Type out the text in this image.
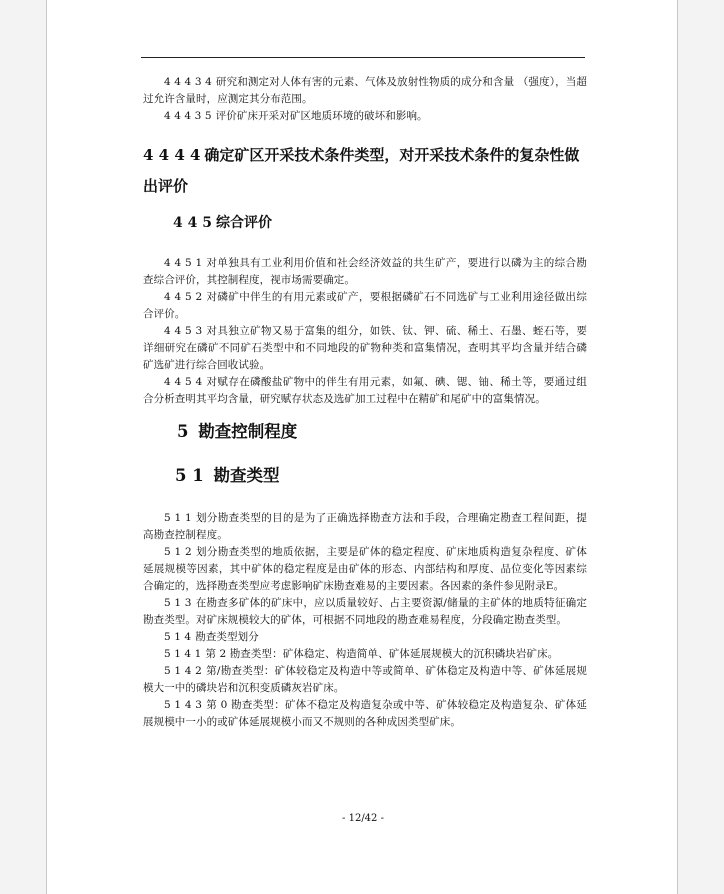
4 4 4 3 4 研究和测定对人体有害的元素、气体及放射性物质的成分和含量 （强度），当超过允许含量时，应测定其分布范围。

4 4 4 3 5 评价矿床开采对矿区地质环境的破坏和影响。

4 4 4 4 确定矿区开采技术条件类型，对开采技术条件的复杂性做出评价
4 4 5 综合评价

4 4 5 1 对单独具有工业利用价值和社会经济效益的共生矿产，要进行以磷为主的综合勘查综合评价，其控制程度，视市场需要确定。

4 4 5 2 对磷矿中伴生的有用元素或矿产，要根据磷矿石不同选矿与工业利用途径做出综合评价。

4 4 5 3 对具独立矿物又易于富集的组分，如铁、钛、钾、硫、稀土、石墨、蛭石等，要详细研究在磷矿不同矿石类型中和不同地段的矿物种类和富集情况，查明其平均含量并结合磷矿选矿进行综合回收试验。

4 4 5 4 对赋存在磷酸盐矿物中的伴生有用元素，如氟、碘、锶、铀、稀土等，要通过组合分析查明其平均含量，研究赋存状态及选矿加工过程中在精矿和尾矿中的富集情况。

5 勘查控制程度
5 1 勘查类型

5 1 1 划分勘查类型的目的是为了正确选择勘查方法和手段，合理确定勘查工程间距，提高勘查控制程度。

5 1 2 划分勘查类型的地质依据，主要是矿体的稳定程度、矿床地质构造复杂程度、矿体延展规模等因素，其中矿体的稳定程度是由矿体的形态、内部结构和厚度、品位变化等因素综合确定的，选择勘查类型应考虑影响矿床勘查难易的主要因素。各因素的条件参见附录E。

5 1 3 在勘查多矿体的矿床中，应以质量较好、占主要资源/储量的主矿体的地质特征确定勘查类型。对矿床规模较大的矿体，可根据不同地段的勘查难易程度，分段确定勘查类型。

5 1 4 勘查类型划分

5 1 4 1 第 2 勘查类型：矿体稳定、构造简单、矿体延展规模大的沉积磷块岩矿床。

5 1 4 2 第/勘查类型：矿体较稳定及构造中等或简单、矿体稳定及构造中等、矿体延展规模大一中的磷块岩和沉积变质磷灰岩矿床。

5 1 4 3 第 0 勘查类型：矿体不稳定及构造复杂或中等、矿体较稳定及构造复杂、矿体延展规模中一小的或矿体延展规模小而又不规则的各种成因类型矿床。

- 12/42 -
